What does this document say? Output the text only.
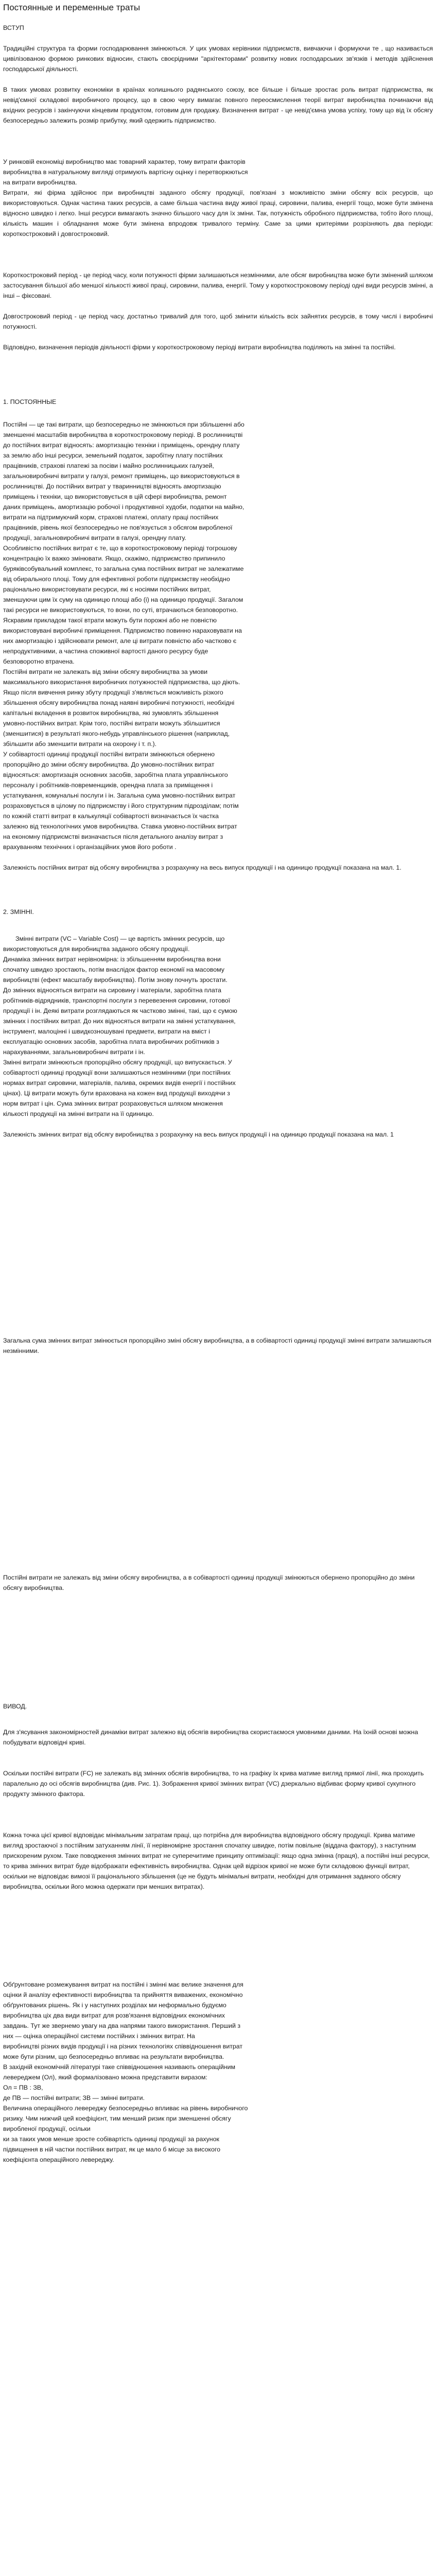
Постоянные и переменные траты

ВСТУП

Традиційні структура та форми господарювання змінюються. У цих умовах керівники підприємств, вивчаючи і формуючи те , що називається цивілізованою формою ринкових відносин, стають своєрідними "архітекторами" розвитку нових господарських зв'язків і методів здійснення господарської діяльності.
В таких умовах розвитку економіки в країнах колишнього радянського союзу, все більше і більше зростає роль витрат підприємства, як невід'ємної складової виробничого процесу, що в свою чергу вимагає повного переосмислення теорії витрат виробництва починаючи від вхідних ресурсів і закінчуючи кінцевим продуктом, готовим для продажу. Визначення витрат - це невід'ємна умова успіху, тому що від їх обсягу безпосередньо залежить розмір прибутку, який одержить підприємство.

У ринковій економіці виробництво має товарний характер, тому витрати факторів

виробництва в натуральному вигляді отримують вартісну оцінку і перетворюються

на витрати виробництва.

Витрати, які фірма здійснює при виробництві заданого обсягу продукції, пов'язані з можливістю зміни обсягу всіх ресурсів, що використовуються. Однак частина таких ресурсів, а саме більша частина виду живої праці, сировини, палива, енергії тощо, може бути змінена відносно швидко і легко. Інші ресурси вимагають значно більшого часу для їх зміни. Так, потужність обробного підприємства, тобто його площі, кількість машин і обладнання може бути змінена впродовж тривалого терміну. Саме за цими критеріями розрізняють два періоди: короткостроковий і довгостроковий.
Короткостроковий період - це період часу, коли потужності фірми залишаються незмінними, але обсяг виробництва може бути змінений шляхом застосування більшої або меншої кількості живої праці, сировини, палива, енергії. Тому у короткостроковому періоді одні види ресурсів змінні, а інші – фіксовані.
Довгостроковий період - це період часу, достатньо тривалий для того, щоб змінити кількість всіх зайнятих ресурсів, в тому числі і виробничі потужності.
Відповідно, визначення періодів діяльності фірми у короткостроковому періоді витрати виробництва поділяють на змінні та постійні.
1. ПОСТОЯННЫЕ

Постійні — це такі витрати, що безпосередньо не змінюються при збільшенні або

зменшенні масштабів виробництва в короткостроковому періоді. В рослинництві

до постійних витрат відносять: амортизацію техніки і приміщень, орендну плату

за землю або інші ресурси, земельний податок, заробітну плату постійних

працівників, страхові платежі за посіви і майно рослинницьких галузей,

загальновиробничі витрати у галузі, ремонт приміщень, що використовуються в

рослинництві. До постійних витрат у тваринництві відносять амортизацію

приміщень і техніки, що використовується в цій сфері виробництва, ремонт

даних приміщень, амортизацію робочої і продуктивної худоби, податки на майно,

витрати на підтримуючий корм, страхові платежі, оплату праці постійних

працівників, рівень якої безпосередньо не пов'язується з обсягом виробленої

продукції, загальновиробничі витрати в галузі, орендну плату.

Особливістю постійних витрат є те, що в короткостроковому періоді тогрошову

концентрацію їх важко змінювати. Якщо, скажімо, підприємство припинило

буряківсобувальний комплекс, то загальна сума постійних витрат не залежатиме

від обирального плоці. Тому для ефективної роботи підприємству необхідно

раціонально використовувати ресурси, які є носіями постійних витрат,

зменшуючи цим їх суму на одиницю площі або (і) на одиницю продукції. Загалом

такі ресурси не використовуються, то вони, по суті, втрачаються безповоротно.

Яскравим прикладом такої втрати можуть бути порожні або не повністю

використовувані виробничі приміщення. Підприємство повинно нараховувати на

них амортизацію і здійснювати ремонт, але ці витрати повністю або частково є

непродуктивними, а частина споживної вартості даного ресурсу буде

безповоротно втрачена.

Постійні витрати не залежать від зміни обсягу виробництва за умови

максимального використання виробничих потужностей підприємства, що діють.

Якщо після вивчення ринку збуту продукції з'являється можливість різкого

збільшення обсягу виробництва понад наявні виробничі потужності, необхідні

капітальні вкладення в розвиток виробництва, які зумовлять збільшення

умовно-постійних витрат. Крім того, постійні витрати можуть збільшитися

(зменшитися) в результаті якого-небудь управлінського рішення (наприклад,

збільшити або зменшити витрати на охорону і т. п.).

У собівартості одиниці продукції постійні витрати змінюються обернено

пропорційно до зміни обсягу виробництва. До умовно-постійних витрат

відносяться: амортизація основних засобів, заробітна плата управлінського

персоналу і робітників-повременщиків, орендна плата за приміщення і

устаткування, комунальні послуги і ін. Загальна сума умовно-постійних витрат

розраховується в цілому по підприємству і його структурним підрозділам; потім

по кожній статті витрат в калькуляції собівартості визначається їх частка

залежно від технологічних умов виробництва. Ставка умовно-постійних витрат

на економну підприємстві визначається після детального аналізу витрат з

врахуванням технічних і організаційних умов його роботи .

Залежність постійних витрат від обсягу виробництва з розрахунку на весь випуск продукції і на одиницю продукції показана на мал. 1.
2. ЗМІННІ.

Змінні витрати (VC – Variable Cost) — це вартість змінних ресурсів, що

використовуються для виробництва заданого обсягу продукції.

Динаміка змінних витрат нерівномірна: із збільшенням виробництва вони

спочатку швидко зростають, потім внаслідок фактор економії на масовому

виробництві (ефект масштабу виробництва). Потім знову почнуть зростати.

До змінних відносяться витрати на сировину і матеріали, заробітна плата

робітників-відрядників, транспортні послуги з перевезення сировини, готової

продукції і ін. Деякі витрати розглядаються як частково змінні, такі, що є сумою

змінних і постійних витрат. До них відносяться витрати на змінні устаткування,

інструмент, малоцінні і швидкозношувані предмети, витрати на вміст і

експлуатацію основних засобів, заробітна плата виробничих робітників з

нарахуваннями, загальновиробничі витрати і ін.

Змінні витрати змінюються пропорційно обсягу продукції, що випускається. У

собівартості одиниці продукції вони залишаються незмінними (при постійних

нормах витрат сировини, матеріалів, палива, окремих видів енергії і постійних

цінах). Ці витрати можуть бути врахована на кожен вид продукції виходячи з

норм витрат і цін. Сума змінних витрат розраховується шляхом множення

кількості продукції на змінні витрати на її одиницю.

Залежність змінних витрат від обсягу виробництва з розрахунку на весь випуск продукції і на одиницю продукції показана на мал. 1
Загальна сума змінних витрат змінюється пропорційно зміні обсягу виробництва, а в собівартості одиниці продукції змінні витрати залишаються незмінними.
Постійні витрати не залежать від зміни обсягу виробництва, а в собівартості одиниці продукції змінюються обернено пропорційно до зміни обсягу виробництва.
ВИВОД.
Для з'ясування закономірностей динаміки витрат залежно від обсягів виробництва скористаємося умовними даними. На їхній основі можна побудувати відповідні криві.
Оскільки постійні витрати (FC) не залежать від змінних обсягів виробництва, то на графіку їх крива матиме вигляд прямої лінії, яка проходить паралельно до осі обсягів виробництва (див. Рис. 1). Зображення кривої змінних витрат (VC) дзеркально відбиває форму кривої сукупного продукту змінного фактора.
Кожна точка цієї кривої відповідає мінімальним затратам праці, що потрібна для виробництва відповідного обсягу продукції. Крива матиме вигляд зростаючої з постійним затуханням лінії, її нерівномірне зростання спочатку швидке, потім повільне (віддача фактору), з наступним прискореним рухом. Таке поводження змінних витрат не суперечитиме принципу оптимізації: якщо одна змінна (праця), а постійні інші ресурси, то крива змінних витрат буде відображати ефективність виробництва. Однак цей відрізок кривої не може бути складовою функції витрат, оскільки не відповідає вимозі її раціонального збільшення (це не будуть мінімальні витрати, необхідні для отримання заданого обсягу виробництва, оскільки його можна одержати при менших витратах).

Обґрунтоване розмежування витрат на постійні і змінні має велике значення для

оцінки й аналізу ефективності виробництва та прийняття виважених, економічно

обґрунтованих рішень. Як і у наступних розділах ми неформально будуємо

виробництва ціх два види витрат для розв'язання відповідних економічних

завдань. Тут же звернемо увагу на два напрями такого використання. Перший з

них — оцінка операційної системи постійних і змінних витрат. На

виробництві різних видів продукції і на різних технологіях співвідношення витрат

може бути різним, що безпосередньо впливає на результати виробництва.

В західній економічній літературі таке співвідношення називають операційним

левереджем (Ол), який формалізовано можна представити виразом:

Ол = ПВ : ЗВ,

де ПВ — постійні витрати; ЗВ — змінні витрати.

Величина операційного левереджу безпосередньо впливає на рівень виробничого

ризику. Чим нижчий цей коефіцієнт, тим менший ризик при зменшенні обсягу

виробленої продукції, осільки

ки за таких умов менше зросте собівартість одиниці продукції за рахунок

підвищення в ній частки постійних витрат, як це мало б місце за високого

коефіцієнта операційного левереджу.
